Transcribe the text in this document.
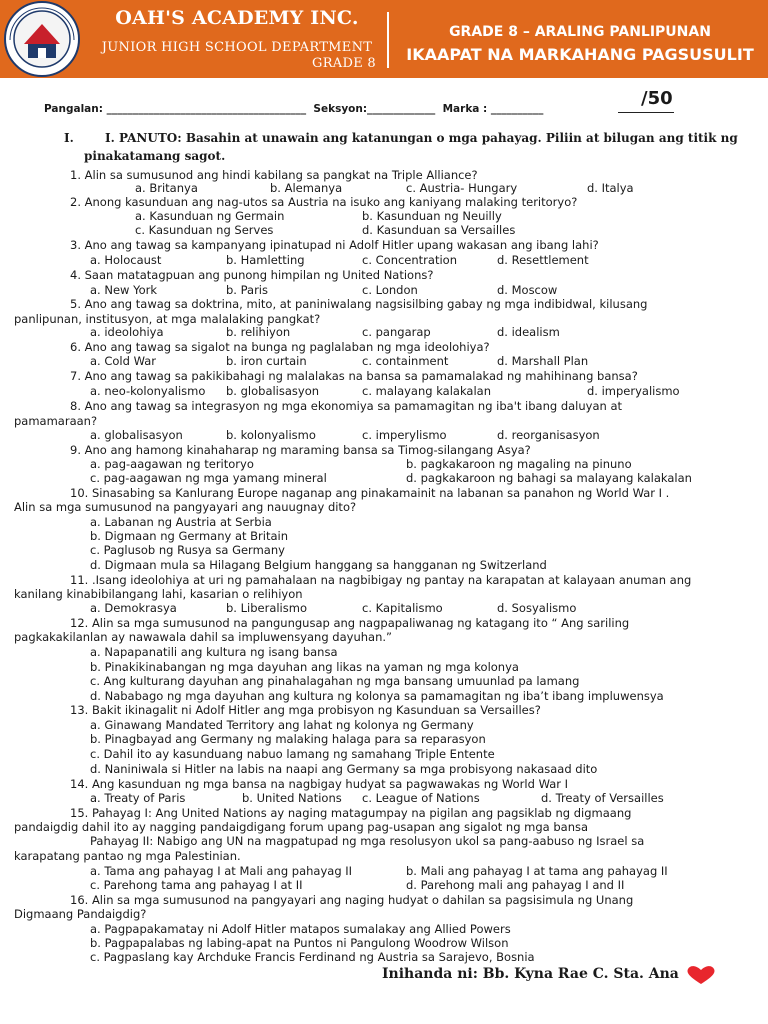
OAH'S ACADEMY INC.
JUNIOR HIGH SCHOOL DEPARTMENT
GRADE 8
GRADE 8 – ARALING PANLIPUNAN
IKAAPAT NA MARKAHANG PAGSUSULIT
/50
Pangalan: ______________________________________  Seksyon:_____________  Marka : __________
I.	I. PANUTO: Basahin at unawain ang katanungan o mga pahayag. Piliin at bilugan ang titik ng
pinakatamang sagot.
1. Alin sa sumusunod ang hindi kabilang sa pangkat na Triple Alliance?
a. Britanya	b. Alemanya	c. Austria- Hungary	d. Italya
2. Anong kasunduan ang nag-utos sa Austria na isuko ang kaniyang malaking teritoryo?
a. Kasunduan ng Germain	b. Kasunduan ng Neuilly
c. Kasunduan ng Serves	d. Kasunduan sa Versailles
3. Ano ang tawag sa kampanyang ipinatupad ni Adolf Hitler upang wakasan ang ibang lahi?
a. Holocaust	b. Hamletting	c. Concentration	d. Resettlement
4. Saan matatagpuan ang punong himpilan ng United Nations?
a. New York	b. Paris	c. London	d. Moscow
5. Ano ang tawag sa doktrina, mito, at paniniwalang nagsisilbing gabay ng mga indibidwal, kilusang
panlipunan, institusyon, at mga malalaking pangkat?
a. ideolohiya	b. relihiyon	c. pangarap	d. idealism
6. Ano ang tawag sa sigalot na bunga ng paglalaban ng mga ideolohiya?
a. Cold War	b. iron curtain	c. containment	d. Marshall Plan
7. Ano ang tawag sa pakikibahagi ng malalakas na bansa sa pamamalakad ng mahihinang bansa?
a. neo-kolonyalismo b. globalisasyon	c. malayang kalakalan	d. imperyalismo
8. Ano ang tawag sa integrasyon ng mga ekonomiya sa pamamagitan ng iba't ibang daluyan at
pamamaraan?
a. globalisasyon	b. kolonyalismo	c. imperylismo	d. reorganisasyon
9. Ano ang hamong kinahaharap ng maraming bansa sa Timog-silangang Asya?
a. pag-aagawan ng teritoryo	b. pagkakaroon ng magaling na pinuno
c. pag-aagawan ng mga yamang mineral	d. pagkakaroon ng bahagi sa malayang kalakalan
10. Sinasabing sa Kanlurang Europe naganap ang pinakamainit na labanan sa panahon ng World War I .
Alin sa mga sumusunod na pangyayari ang nauugnay dito?
a. Labanan ng Austria at Serbia
b. Digmaan ng Germany at Britain
c. Paglusob ng Rusya sa Germany
d. Digmaan mula sa Hilagang Belgium hanggang sa hangganan ng Switzerland
11. .Isang ideolohiya at uri ng pamahalaan na nagbibigay ng pantay na karapatan at kalayaan anuman ang
kanilang kinabibilangang lahi, kasarian o relihiyon
a. Demokrasya	b. Liberalismo	c. Kapitalismo	d. Sosyalismo
12. Alin sa mga sumusunod na pangungusap ang nagpapaliwanag ng katagang ito “ Ang sariling
pagkakakilanlan ay nawawala dahil sa impluwensyang dayuhan.”
a. Napapanatili ang kultura ng isang bansa
b. Pinakikinabangan ng mga dayuhan ang likas na yaman ng mga kolonya
c. Ang kulturang dayuhan ang pinahalagahan ng mga bansang umuunlad pa lamang
d. Nababago ng mga dayuhan ang kultura ng kolonya sa pamamagitan ng iba’t ibang impluwensya
13. Bakit ikinagalit ni Adolf Hitler ang mga probisyon ng Kasunduan sa Versailles?
a. Ginawang Mandated Territory ang lahat ng kolonya ng Germany
b. Pinagbayad ang Germany ng malaking halaga para sa reparasyon
c. Dahil ito ay kasunduang nabuo lamang ng samahang Triple Entente
d. Naniniwala si Hitler na labis na naapi ang Germany sa mga probisyong nakasaad dito
14. Ang kasunduan ng mga bansa na nagbigay hudyat sa pagwawakas ng World War I
a. Treaty of Paris	b. United Nations c. League of Nations	d. Treaty of Versailles
15. Pahayag I: Ang United Nations ay naging matagumpay na pigilan ang pagsiklab ng digmaang
pandaigdig dahil ito ay nagging pandaigdigang forum upang pag-usapan ang sigalot ng mga bansa
Pahayag II: Nabigo ang UN na magpatupad ng mga resolusyon ukol sa pang-aabuso ng Israel sa
karapatang pantao ng mga Palestinian.
a. Tama ang pahayag I at Mali ang pahayag II	b. Mali ang pahayag I at tama ang pahayag II
c. Parehong tama ang pahayag I at II	d. Parehong mali ang pahayag I and II
16. Alin sa mga sumusunod na pangyayari ang naging hudyat o dahilan sa pagsisimula ng Unang
Digmaang Pandaigdig?
a. Pagpapakamatay ni Adolf Hitler matapos sumalakay ang Allied Powers
b. Pagpapalabas ng labing-apat na Puntos ni Pangulong Woodrow Wilson
c. Pagpaslang kay Archduke Francis Ferdinand ng Austria sa Sarajevo, Bosnia
Inihanda ni: Bb. Kyna Rae C. Sta. Ana
